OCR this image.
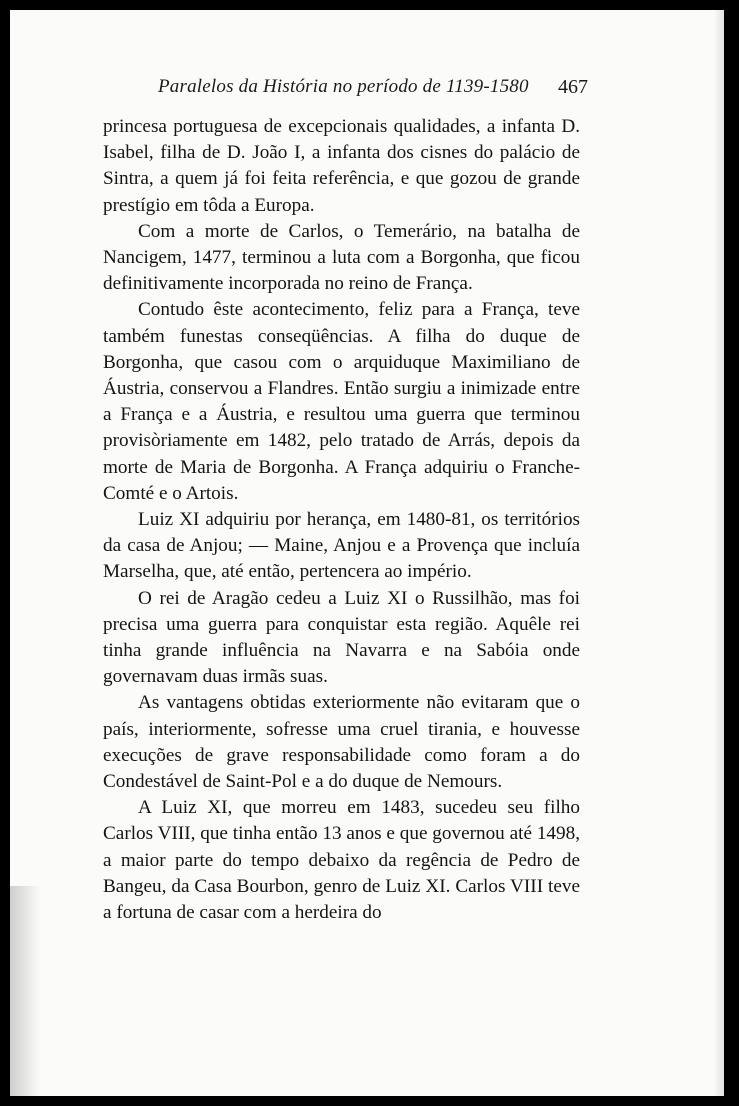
Paralelos da História no período de 1139-1580 467

princesa portuguesa de excepcionais qualidades, a infanta D. Isabel, filha de D. João I, a infanta dos cisnes do palácio de Sintra, a quem já foi feita referência, e que gozou de grande prestígio em tôda a Europa.

Com a morte de Carlos, o Temerário, na batalha de Nancigem, 1477, terminou a luta com a Borgonha, que ficou definitivamente incorporada no reino de França.

Contudo êste acontecimento, feliz para a França, teve também funestas conseqüências. A filha do duque de Borgonha, que casou com o arquiduque Maximiliano de Áustria, conservou a Flandres. Então surgiu a inimizade entre a França e a Áustria, e resultou uma guerra que terminou provisòriamente em 1482, pelo tratado de Arrás, depois da morte de Maria de Borgonha. A França adquiriu o Franche-Comté e o Artois.

Luiz XI adquiriu por herança, em 1480-81, os territórios da casa de Anjou; — Maine, Anjou e a Provença que incluía Marselha, que, até então, pertencera ao império.

O rei de Aragão cedeu a Luiz XI o Russilhão, mas foi precisa uma guerra para conquistar esta região. Aquêle rei tinha grande influência na Navarra e na Sabóia onde governavam duas irmãs suas.

As vantagens obtidas exteriormente não evitaram que o país, interiormente, sofresse uma cruel tirania, e houvesse execuções de grave responsabilidade como foram a do Condestável de Saint-Pol e a do duque de Nemours.

A Luiz XI, que morreu em 1483, sucedeu seu filho Carlos VIII, que tinha então 13 anos e que governou até 1498, a maior parte do tempo debaixo da regência de Pedro de Bangeu, da Casa Bourbon, genro de Luiz XI. Carlos VIII teve a fortuna de casar com a herdeira do
